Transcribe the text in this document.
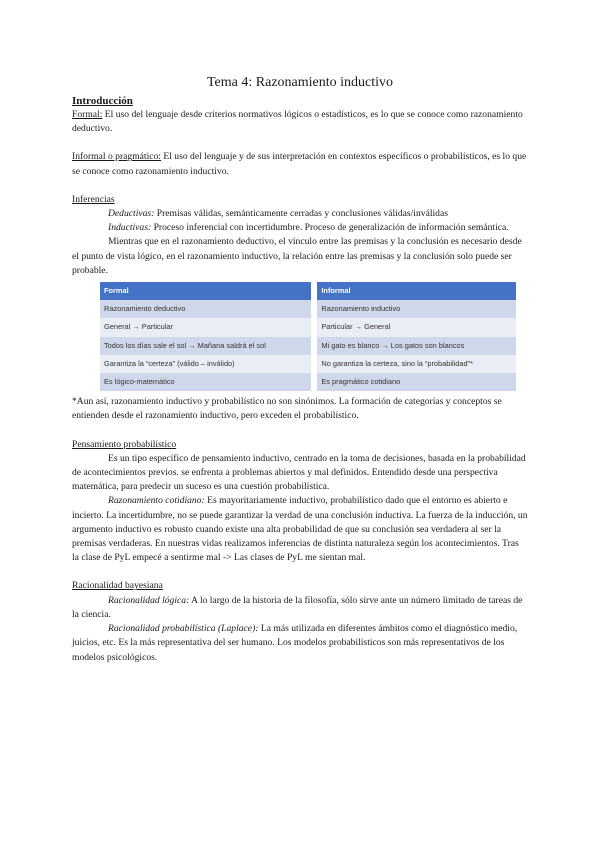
Tema 4: Razonamiento inductivo

Introducción

Formal: El uso del lenguaje desde criterios normativos lógicos o estadísticos, es lo que se conoce como razonamiento deductivo.

Informal o pragmático: El uso del lenguaje y de sus interpretación en contextos específicos o probabilísticos, es lo que se conoce como razonamiento inductivo.

Inferencias

Deductivas: Premisas válidas, semánticamente cerradas y conclusiones válidas/inválidas

Inductivas: Proceso inferencial con incertidumbre. Proceso de generalización de información semántica.

Mientras que en el razonamiento deductivo, el vínculo entre las premisas y la conclusión es necesario desde el punto de vista lógico, en el razonamiento inductivo, la relación entre las premisas y la conclusión solo puede ser probable.

Formal		Informal
Razonamiento deductivo		Razonamiento inductivo
General → Particular		Particular → General
Todos los días sale el sol → Mañana saldrá el sol		Mi gato es blanco → Los gatos son blancos
Garantiza la “certeza” (válido – inválido)		No garantiza la certeza, sino la “probabilidad”*
Es lógico-matemático		Es pragmático cotidiano

*Aun así, razonamiento inductivo y probabilístico no son sinónimos. La formación de categorías y conceptos se entienden desde el razonamiento inductivo, pero exceden el probabilístico.

Pensamiento probabilístico

Es un tipo específico de pensamiento inductivo, centrado en la toma de decisiones, basada en la probabilidad de acontecimientos previos. se enfrenta a problemas abiertos y mal definidos. Entendido desde una perspectiva matemática, para predecir un suceso es una cuestión probabilística.

Razonamiento cotidiano: Es mayoritariamente inductivo, probabilístico dado que el entorno es abierto e incierto. La incertidumbre, no se puede garantizar la verdad de una conclusión inductiva. La fuerza de la inducción, un argumento inductivo es robusto cuando existe una alta probabilidad de que su conclusión sea verdadera al ser la premisas verdaderas. En nuestras vidas realizamos inferencias de distinta naturaleza según los acontecimientos. Tras la clase de PyL empecé a sentirme mal -> Las clases de PyL me sientan mal.

Racionalidad bayesiana

Racionalidad lógica: A lo largo de la historia de la filosofía, sólo sirve ante un número limitado de tareas de la ciencia.

Racionalidad probabilística (Laplace): La más utilizada en diferentes ámbitos como el diagnóstico medio, juicios, etc. Es la más representativa del ser humano. Los modelos probabilísticos son más representativos de los modelos psicológicos.
